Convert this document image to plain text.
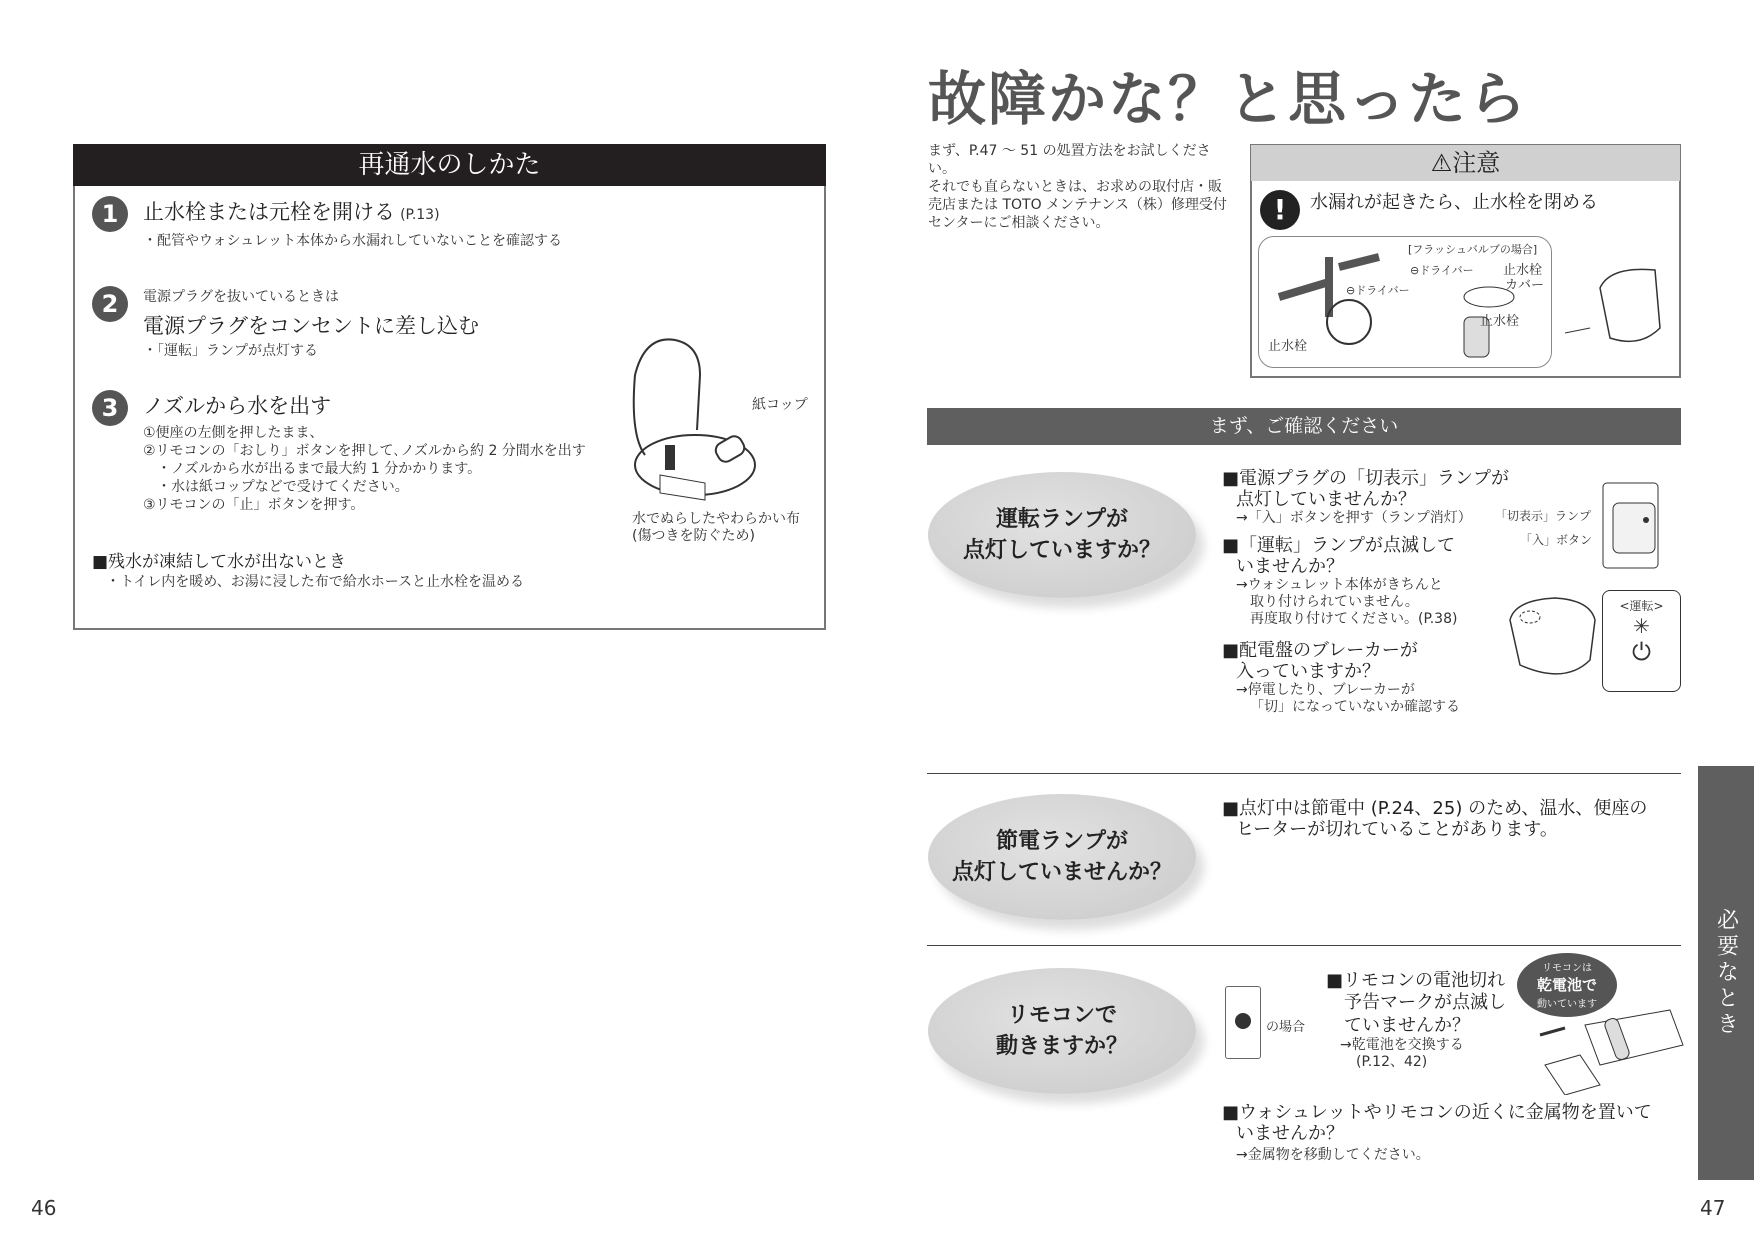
再通水のしかた
1	止水栓または元栓を開ける (P.13)
・配管やウォシュレット本体から水漏れしていないことを確認する
2	電源プラグを抜いているときは
電源プラグをコンセントに差し込む
・「運転」ランプが点灯する
3	ノズルから水を出す
①便座の左側を押したまま、
②リモコンの「おしり」ボタンを押して､ノズルから約 2 分間水を出す
・ノズルから水が出るまで最大約 1 分かかります。
・水は紙コップなどで受けてください。
③リモコンの「止」ボタンを押す。
紙コップ
水でぬらしたやわらかい布
(傷つきを防ぐため)
■残水が凍結して水が出ないとき
・トイレ内を暖め、お湯に浸した布で給水ホースと止水栓を温める
46
故障かな？と思ったら
まず、P.47 ～ 51 の処置方法をお試しください。
それでも直らないときは、お求めの取付店・販売店または TOTO メンテナンス（株）修理受付センターにご相談ください。
⚠注意
!	水漏れが起きたら、止水栓を閉める
止水栓
⊖ドライバー
[フラッシュバルブの場合]
⊖ドライバー 止水栓
カバー
止水栓
まず、ご確認ください
運転ランプが
点灯していますか？
■電源プラグの「切表示」ランプが
点灯していませんか？
→「入」ボタンを押す（ランプ消灯）
■「運転」ランプが点滅して
いませんか？
→ウォシュレット本体がきちんと
取り付けられていません。
再度取り付けてください。(P.38)
■配電盤のブレーカーが
入っていますか？
→停電したり、ブレーカーが
「切」になっていないか確認する
「切表示」ランプ
「入」ボタン
<運転>
✳
⏻
節電ランプが
点灯していませんか？
■点灯中は節電中 (P.24、25) のため、温水、便座の
ヒーターが切れていることがあります。
リモコンで
動きますか？
の場合
■リモコンの電池切れ
予告マークが点滅し
ていませんか？
→乾電池を交換する
(P.12、42)
リモコンは
乾電池で
動いています
■ウォシュレットやリモコンの近くに金属物を置いて
いませんか？
→金属物を移動してください。
必要なとき
47
